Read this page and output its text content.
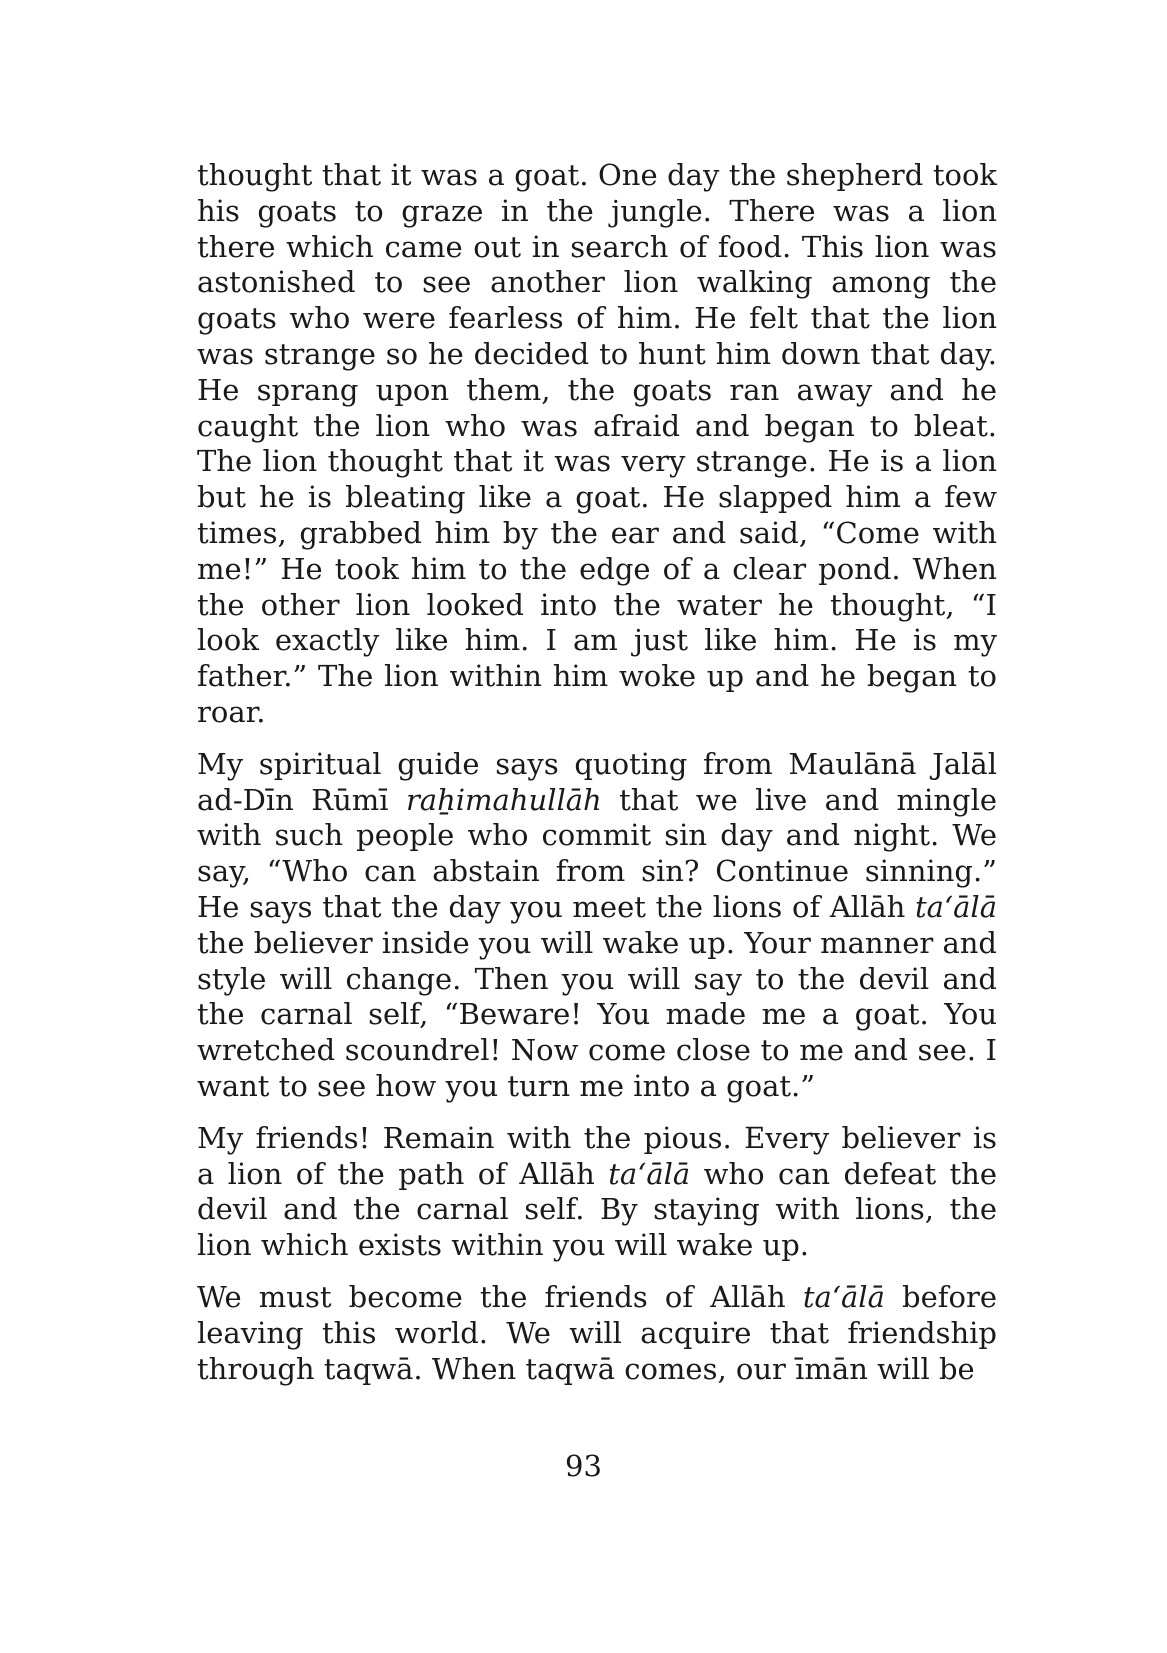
thought that it was a goat. One day the shepherd took his goats to graze in the jungle. There was a lion there which came out in search of food. This lion was astonished to see another lion walking among the goats who were fearless of him. He felt that the lion was strange so he decided to hunt him down that day. He sprang upon them, the goats ran away and he caught the lion who was afraid and began to bleat. The lion thought that it was very strange. He is a lion but he is bleating like a goat. He slapped him a few times, grabbed him by the ear and said, “Come with me!” He took him to the edge of a clear pond. When the other lion looked into the water he thought, “I look exactly like him. I am just like him. He is my father.” The lion within him woke up and he began to roar.

My spiritual guide says quoting from Maulānā Jalāl ad-Dīn Rūmī raẖimahullāh that we live and mingle with such people who commit sin day and night. We say, “Who can abstain from sin? Continue sinning.” He says that the day you meet the lions of Allāh ta‘ālā the believer inside you will wake up. Your manner and style will change. Then you will say to the devil and the carnal self, “Beware! You made me a goat. You wretched scoundrel! Now come close to me and see. I want to see how you turn me into a goat.”

My friends! Remain with the pious. Every believer is a lion of the path of Allāh ta‘ālā who can defeat the devil and the carnal self. By staying with lions, the lion which exists within you will wake up.

We must become the friends of Allāh ta‘ālā before leaving this world. We will acquire that friendship through taqwā. When taqwā comes, our īmān will be

93
